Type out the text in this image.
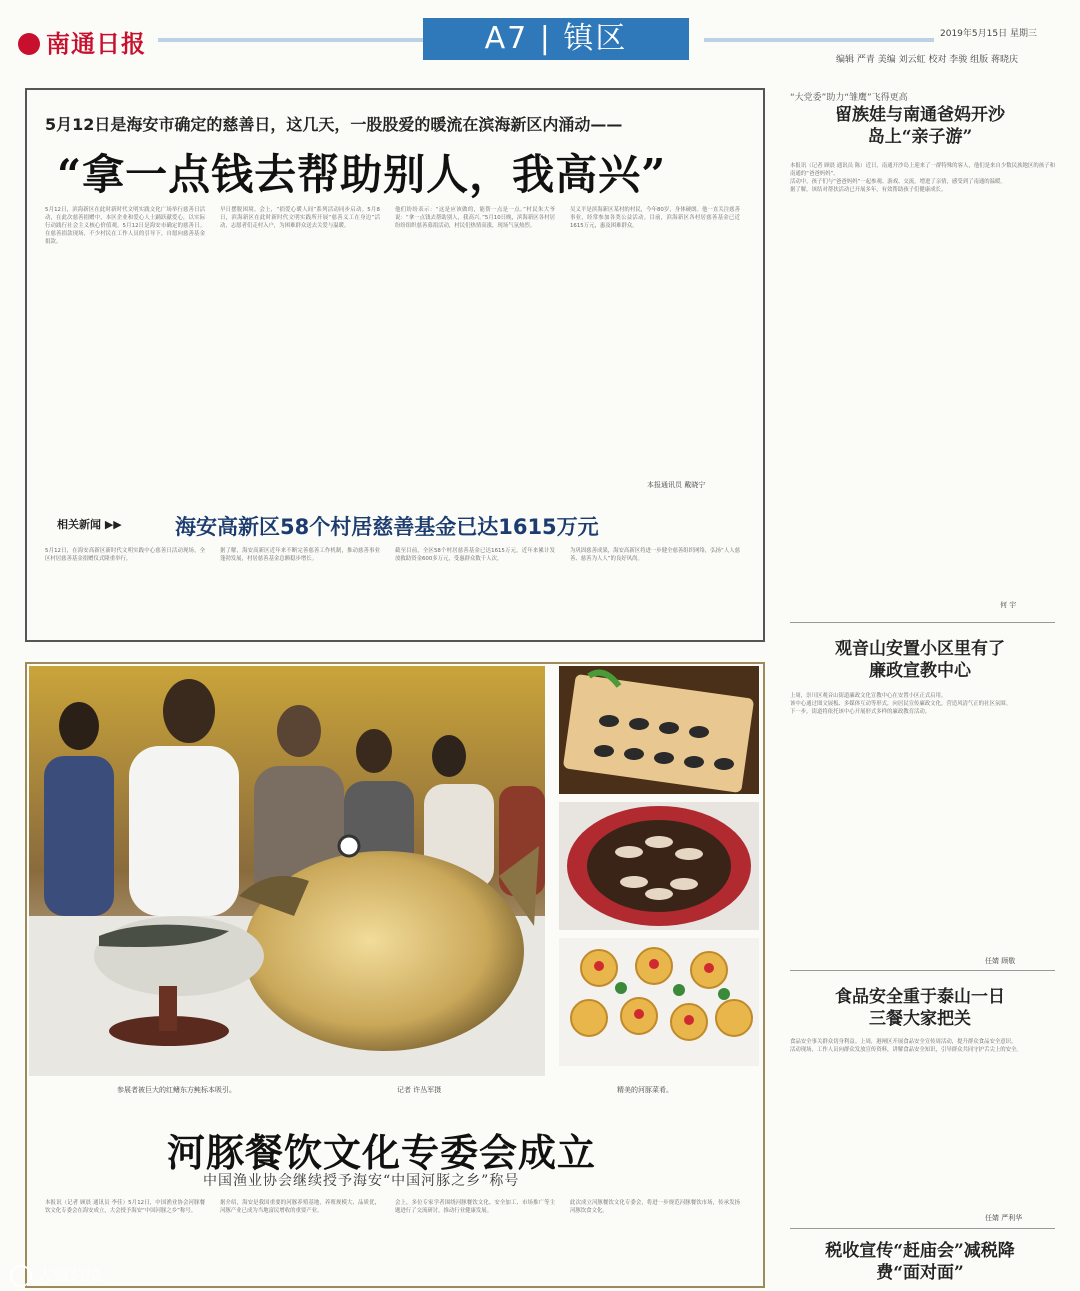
南通日报	A7 | 镇区	2019年5月15日 星期三
编辑 严青 美编 刘云虹 校对 李骏 组版 蒋晓庆
5月12日是海安市确定的慈善日，这几天，一股股爱的暖流在滨海新区内涌动——
“拿一点钱去帮助别人，我高兴”

5月12日，滨海新区在此时新时代文明实践文化广场举行慈善日活动，在此次慈善捐赠中，本区企业和爱心人士踊跃献爱心，以实际行动践行社会主义核心价值观。5月12日是海安市确定的慈善日。在慈善捐款现场，不少村民在工作人员的引导下，自愿向慈善基金捐款。

早日摆脱困境。会上，“捐爱心暖人间”系列活动同步启动。5月8日，滨海新区在此时新时代文明实践所开展“慈善义工在身边”活动，志愿者们走村入户，为困难群众送去关爱与温暖。

他们纷纷表示：“这是应该做的，能帮一点是一点。”村民朱大爷说：“拿一点钱去帮助别人，我高兴。”5月10日晚，滨海新区各村居纷纷组织慈善募捐活动，村民们热情高涨，现场气氛热烈。

吴义平是滨海新区某村的村民，今年80岁，身体硬朗。他一直关注慈善事业，经常参加各类公益活动。目前，滨海新区各村居慈善基金已近1615万元，惠及困难群众。

本报通讯员 戴晓宁
相关新闻 ▶▶	海安高新区58个村居慈善基金已达1615万元

5月12日，在海安高新区新时代文明实践中心慈善日活动现场，全区村居慈善基金捐赠仪式隆重举行。

据了解，海安高新区近年来不断完善慈善工作机制，推动慈善事业蓬勃发展，村居慈善基金总额稳步增长。

截至目前，全区58个村居慈善基金已达1615万元，近年来累计发放救助资金600多万元，受惠群众数千人次。

为巩固慈善成果，海安高新区将进一步健全慈善组织网络，弘扬“人人慈善、慈善为人人”的良好风尚。

参展者被巨大的红鳍东方鲀标本吸引。	记者 许丛军摄	精美的河豚菜肴。
河豚餐饮文化专委会成立
中国渔业协会继续授予海安“中国河豚之乡”称号

本报讯（记者 顾晨 通讯员 李佳）5月12日，中国渔业协会河豚餐饮文化专委会在海安成立，大会授予海安“中国河豚之乡”称号。

据介绍，海安是我国重要的河豚养殖基地，养殖规模大、品质优，河豚产业已成为当地富民增收的重要产业。

会上，多位专家学者围绕河豚餐饮文化、安全加工、市场推广等主题进行了交流研讨，推动行业健康发展。

此次成立河豚餐饮文化专委会，将进一步规范河豚餐饮市场，传承发扬河豚饮食文化。

“大党委”助力“雏鹰”飞得更高
留族娃与南通爸妈开沙岛上“亲子游”

本报讯（记者 顾晨 通讯员 陈）近日，南通开沙岛上迎来了一群特殊的客人，他们是来自少数民族地区的孩子和南通的“爸爸妈妈”。

活动中，孩子们与“爸爸妈妈”一起参观、游戏、交流，增进了亲情，感受到了南通的温暖。

据了解，该结对帮扶活动已开展多年，有效帮助孩子们健康成长。

何 宇
观音山安置小区里有了廉政宣教中心

上周，崇川区观音山街道廉政文化宣教中心在安置小区正式启用。

该中心通过图文展板、多媒体互动等形式，向居民宣传廉政文化，营造风清气正的社区氛围。

下一步，街道将依托该中心开展形式多样的廉政教育活动。

任婧 顾敬
食品安全重于泰山一日三餐大家把关

食品安全事关群众切身利益。上周，港闸区开展食品安全宣传周活动，提升群众食品安全意识。

活动现场，工作人员向群众发放宣传资料，讲解食品安全知识，引导群众共同守护舌尖上的安全。

任婧 严利华
税收宣传“赶庙会”减税降费“面对面”
大数跨境
